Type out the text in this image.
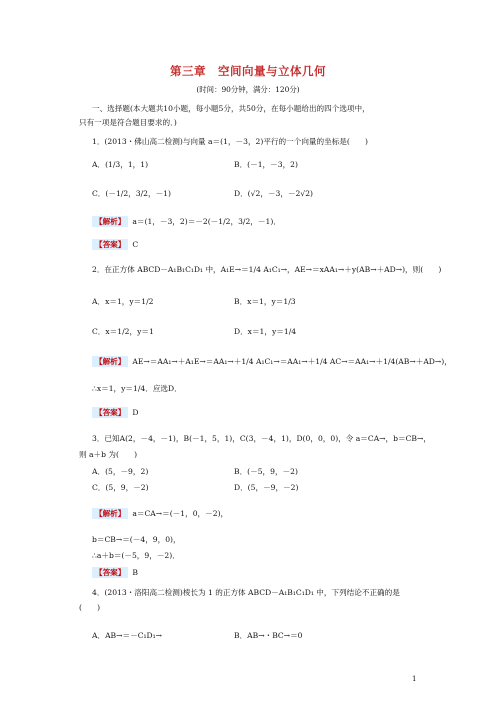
第三章　空间向量与立体几何
(时间：90分钟，满分：120分)
一、选择题(本大题共10小题，每小题5分，共50分，在每小题给出的四个选项中，
只有一项是符合题目要求的．)
1．(2013・佛山高二检测)与向量 a＝(1，－3，2)平行的一个向量的坐标是(　　)
A．(1/3，1，1)	B．(－1，－3，2)
C．(－1/2，3/2，－1)	D．(√2，－3，－2√2)
【解析】 a＝(1，－3，2)＝－2(－1/2，3/2，－1)．
【答案】 C
2．在正方体 ABCD－A₁B₁C₁D₁ 中，A₁E→＝1/4 A₁C₁→，AE→＝xAA₁→＋y(AB→＋AD→)，则(　　)
A．x＝1，y＝1/2	B．x＝1，y＝1/3
C．x＝1/2，y＝1	D．x＝1，y＝1/4
【解析】 AE→＝AA₁→＋A₁E→＝AA₁→＋1/4 A₁C₁→＝AA₁→＋1/4 AC→＝AA₁→＋1/4(AB→＋AD→)，
∴x＝1，y＝1/4．应选D．
【答案】 D
3．已知A(2，－4，－1)，B(－1，5，1)，C(3，－4，1)，D(0，0，0)，令 a＝CA→，b＝CB→，
则 a＋b 为(　　)
A．(5，－9，2)	B．(－5，9，－2)
C．(5，9，－2)	D．(5，－9，－2)
【解析】 a＝CA→＝(－1，0，－2)，
b＝CB→＝(－4，9，0)，
∴a＋b＝(－5，9，－2)．
【答案】 B
4．(2013・洛阳高二检测)棱长为 1 的正方体 ABCD－A₁B₁C₁D₁ 中，下列结论不正确的是
(　　)
A．AB→＝－C₁D₁→	B．AB→・BC→＝0
1
